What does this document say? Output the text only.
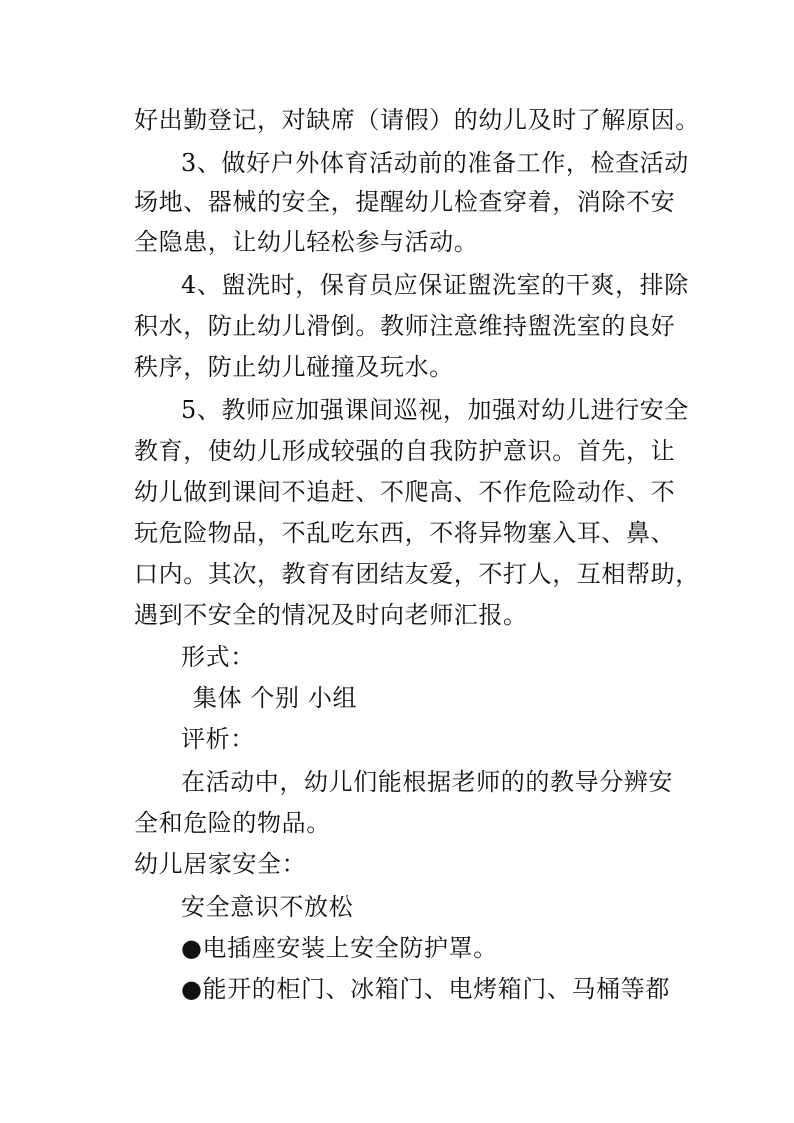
好出勤登记，对缺席（请假）的幼儿及时了解原因。
3、做好户外体育活动前的准备工作，检查活动
场地、器械的安全，提醒幼儿检查穿着，消除不安
全隐患，让幼儿轻松参与活动。
4、盥洗时，保育员应保证盥洗室的干爽，排除
积水，防止幼儿滑倒。教师注意维持盥洗室的良好
秩序，防止幼儿碰撞及玩水。
5、教师应加强课间巡视，加强对幼儿进行安全
教育，使幼儿形成较强的自我防护意识。首先，让
幼儿做到课间不追赶、不爬高、不作危险动作、不
玩危险物品，不乱吃东西，不将异物塞入耳、鼻、
口内。其次，教育有团结友爱，不打人，互相帮助，
遇到不安全的情况及时向老师汇报。
形式：
集体 个别 小组
评析：
在活动中，幼儿们能根据老师的的教导分辨安
全和危险的物品。
幼儿居家安全：
安全意识不放松
●电插座安装上安全防护罩。
●能开的柜门、冰箱门、电烤箱门、马桶等都
